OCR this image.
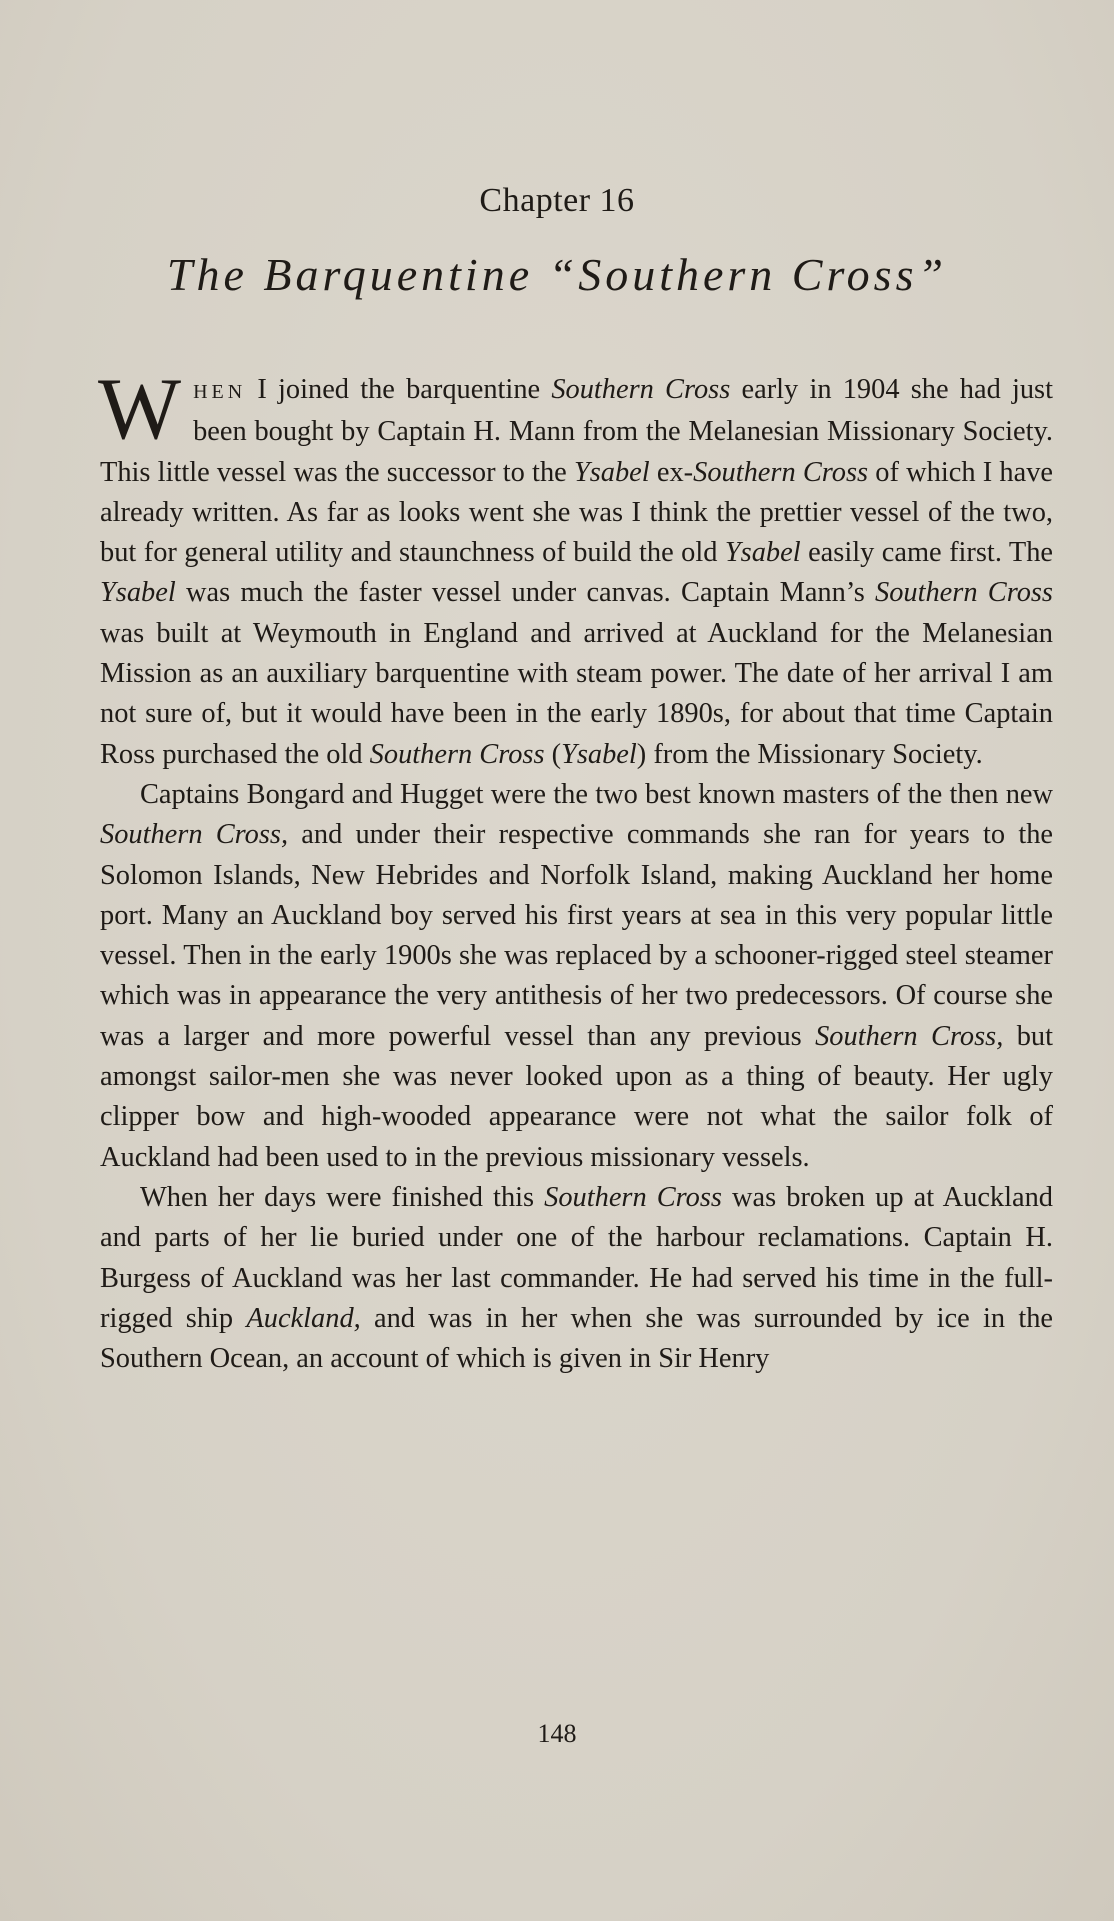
Chapter 16
The Barquentine “Southern Cross”

WHEN I joined the barquentine Southern Cross early in 1904 she had just been bought by Captain H. Mann from the Melanesian Missionary Society. This little vessel was the successor to the Ysabel ex-Southern Cross of which I have already written. As far as looks went she was I think the prettier vessel of the two, but for general utility and staunchness of build the old Ysabel easily came first. The Ysabel was much the faster vessel under canvas. Captain Mann’s Southern Cross was built at Weymouth in England and arrived at Auckland for the Melanesian Mission as an auxiliary barquentine with steam power. The date of her arrival I am not sure of, but it would have been in the early 1890s, for about that time Captain Ross purchased the old Southern Cross (Ysabel) from the Missionary Society.

Captains Bongard and Hugget were the two best known masters of the then new Southern Cross, and under their respective commands she ran for years to the Solomon Islands, New Hebrides and Norfolk Island, making Auckland her home port. Many an Auckland boy served his first years at sea in this very popular little vessel. Then in the early 1900s she was replaced by a schooner-rigged steel steamer which was in appearance the very antithesis of her two predecessors. Of course she was a larger and more powerful vessel than any previous Southern Cross, but amongst sailor-men she was never looked upon as a thing of beauty. Her ugly clipper bow and high-wooded appearance were not what the sailor folk of Auckland had been used to in the previous missionary vessels.

When her days were finished this Southern Cross was broken up at Auckland and parts of her lie buried under one of the harbour reclamations. Captain H. Burgess of Auckland was her last commander. He had served his time in the full-rigged ship Auckland, and was in her when she was surrounded by ice in the Southern Ocean, an account of which is given in Sir Henry

148
